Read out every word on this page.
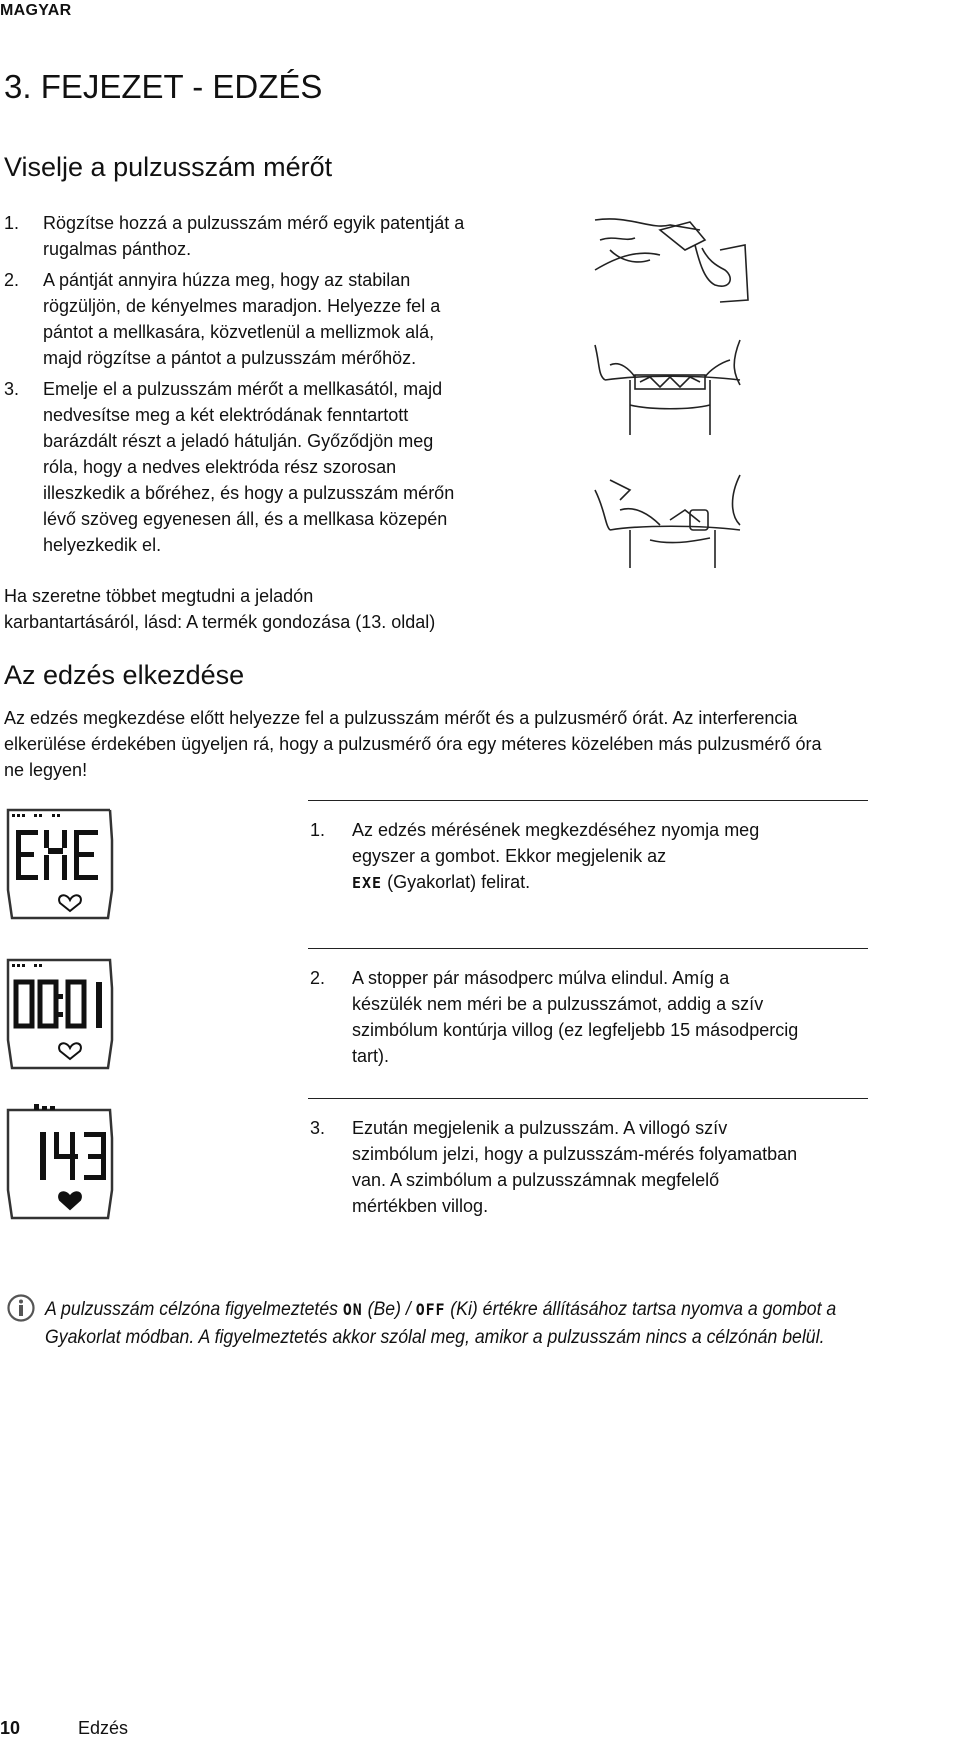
MAGYAR
3. FEJEZET - EDZÉS
Viselje a pulzusszám mérőt
1. Rögzítse hozzá a pulzusszám mérő egyik patentját a
rugalmas pánthoz.
2. A pántját annyira húzza meg, hogy az stabilan
rögzüljön, de kényelmes maradjon. Helyezze fel a
pántot a mellkasára, közvetlenül a mellizmok alá,
majd rögzítse a pántot a pulzusszám mérőhöz.
3. Emelje el a pulzusszám mérőt a mellkasától, majd
nedvesítse meg a két elektródának fenntartott
barázdált részt a jeladó hátulján. Győződjön meg
róla, hogy a nedves elektróda rész szorosan
illeszkedik a bőréhez, és hogy a pulzusszám mérőn
lévő szöveg egyenesen áll, és a mellkasa közepén
helyezkedik el.
Ha szeretne többet megtudni a jeladón
karbantartásáról, lásd: A termék gondozása (13. oldal)
Az edzés elkezdése
Az edzés megkezdése előtt helyezze fel a pulzusszám mérőt és a pulzusmérő órát. Az interferencia
elkerülése érdekében ügyeljen rá, hogy a pulzusmérő óra egy méteres közelében más pulzusmérő óra
ne legyen!
1. Az edzés mérésének megkezdéséhez nyomja meg
egyszer a gombot. Ekkor megjelenik az
EXE (Gyakorlat) felirat.
2. A stopper pár másodperc múlva elindul. Amíg a
készülék nem méri be a pulzusszámot, addig a szív
szimbólum kontúrja villog (ez legfeljebb 15 másodpercig
tart).
3. Ezután megjelenik a pulzusszám. A villogó szív
szimbólum jelzi, hogy a pulzusszám-mérés folyamatban
van. A szimbólum a pulzusszámnak megfelelő
mértékben villog.
A pulzusszám célzóna figyelmeztetés ON (Be) / OFF (Ki) értékre állításához tartsa nyomva a gombot a
Gyakorlat módban. A figyelmeztetés akkor szólal meg, amikor a pulzusszám nincs a célzónán belül.
10	Edzés
